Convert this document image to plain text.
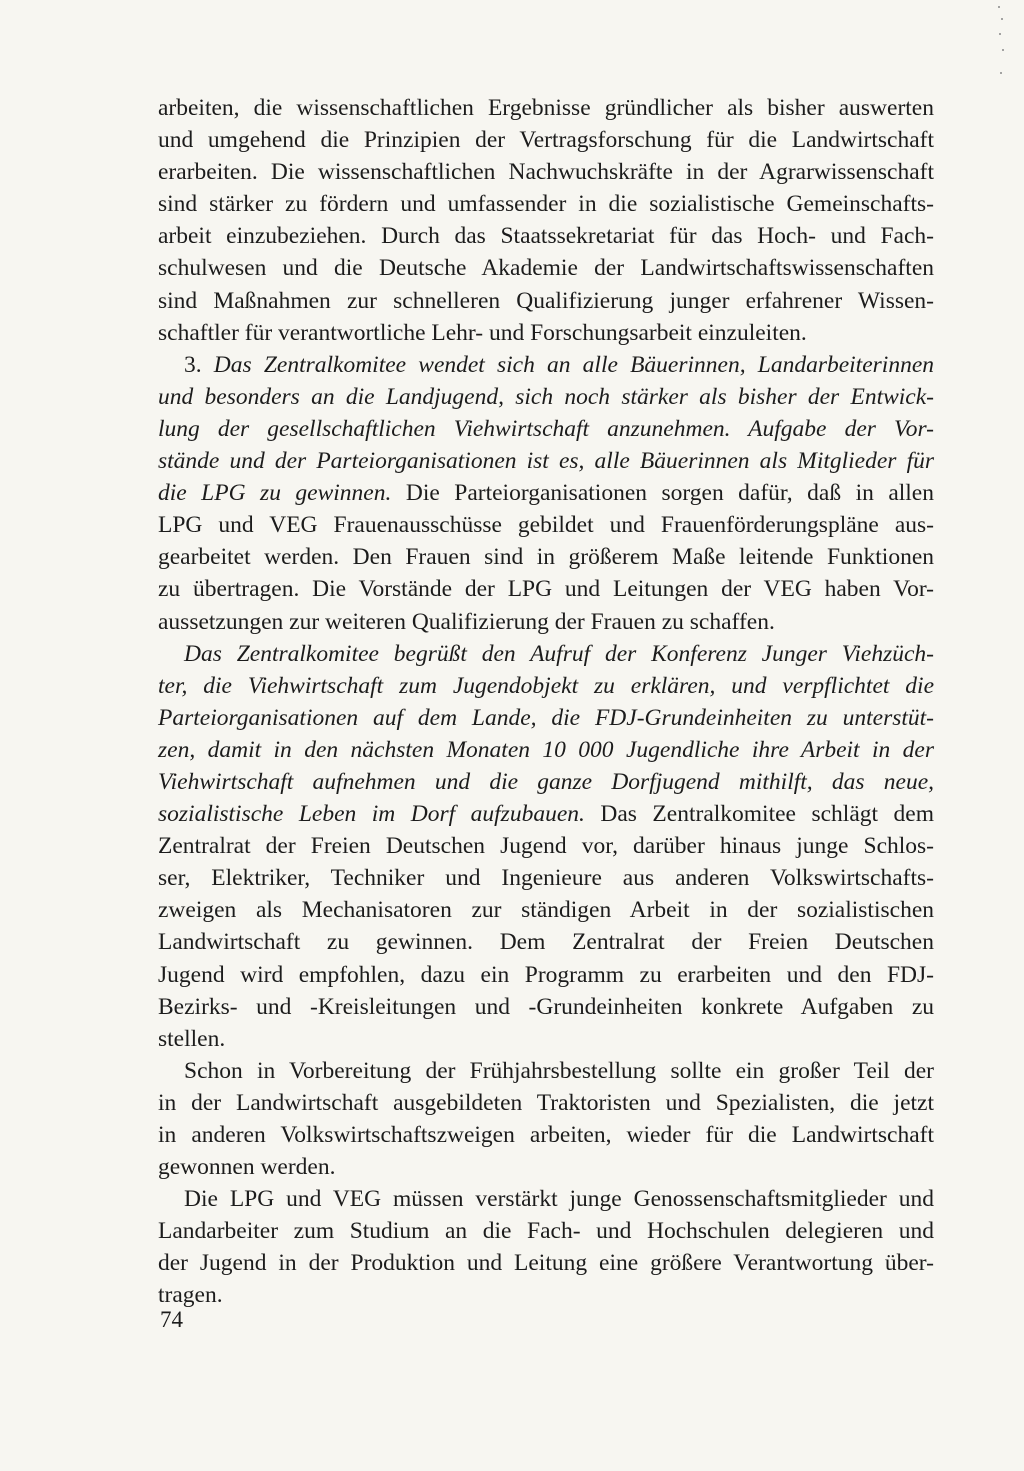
arbeiten, die wissenschaftlichen Ergebnisse gründlicher als bisher auswerten
und umgehend die Prinzipien der Vertragsforschung für die Landwirtschaft
erarbeiten. Die wissenschaftlichen Nachwuchskräfte in der Agrarwissenschaft
sind stärker zu fördern und umfassender in die sozialistische Gemeinschafts-
arbeit einzubeziehen. Durch das Staatssekretariat für das Hoch- und Fach-
schulwesen und die Deutsche Akademie der Landwirtschaftswissenschaften
sind Maßnahmen zur schnelleren Qualifizierung junger erfahrener Wissen-
schaftler für verantwortliche Lehr- und Forschungsarbeit einzuleiten.
3. Das Zentralkomitee wendet sich an alle Bäuerinnen, Landarbeiterinnen
und besonders an die Landjugend, sich noch stärker als bisher der Entwick-
lung der gesellschaftlichen Viehwirtschaft anzunehmen. Aufgabe der Vor-
stände und der Parteiorganisationen ist es, alle Bäuerinnen als Mitglieder für
die LPG zu gewinnen. Die Parteiorganisationen sorgen dafür, daß in allen
LPG und VEG Frauenausschüsse gebildet und Frauenförderungspläne aus-
gearbeitet werden. Den Frauen sind in größerem Maße leitende Funktionen
zu übertragen. Die Vorstände der LPG und Leitungen der VEG haben Vor-
aussetzungen zur weiteren Qualifizierung der Frauen zu schaffen.
Das Zentralkomitee begrüßt den Aufruf der Konferenz Junger Viehzüch-
ter, die Viehwirtschaft zum Jugendobjekt zu erklären, und verpflichtet die
Parteiorganisationen auf dem Lande, die FDJ-Grundeinheiten zu unterstüt-
zen, damit in den nächsten Monaten 10 000 Jugendliche ihre Arbeit in der
Viehwirtschaft aufnehmen und die ganze Dorfjugend mithilft, das neue,
sozialistische Leben im Dorf aufzubauen. Das Zentralkomitee schlägt dem
Zentralrat der Freien Deutschen Jugend vor, darüber hinaus junge Schlos-
ser, Elektriker, Techniker und Ingenieure aus anderen Volkswirtschafts-
zweigen als Mechanisatoren zur ständigen Arbeit in der sozialistischen
Landwirtschaft zu gewinnen. Dem Zentralrat der Freien Deutschen
Jugend wird empfohlen, dazu ein Programm zu erarbeiten und den FDJ-
Bezirks- und -Kreisleitungen und -Grundeinheiten konkrete Aufgaben zu
stellen.
Schon in Vorbereitung der Frühjahrsbestellung sollte ein großer Teil der
in der Landwirtschaft ausgebildeten Traktoristen und Spezialisten, die jetzt
in anderen Volkswirtschaftszweigen arbeiten, wieder für die Landwirtschaft
gewonnen werden.
Die LPG und VEG müssen verstärkt junge Genossenschaftsmitglieder und
Landarbeiter zum Studium an die Fach- und Hochschulen delegieren und
der Jugend in der Produktion und Leitung eine größere Verantwortung über-
tragen.
74
